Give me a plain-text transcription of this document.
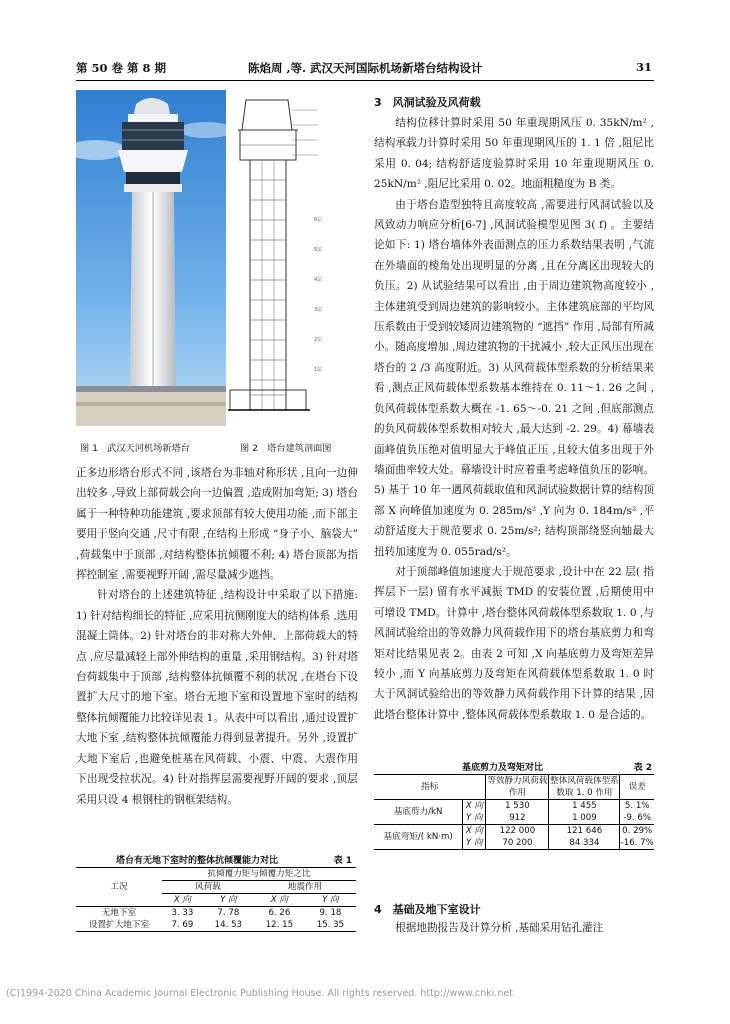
第 50 卷 第 8 期	陈焰周 ,等. 武汉天河国际机场新塔台结构设计	31
图 1　武汉天河机场新塔台
6层
5层
4层
3层
2层
1层
图 2　塔台建筑剖面图

正多边形塔台形式不同 ,该塔台为非轴对称形状 ,且向一边伸出较多 ,导致上部荷载会向一边偏置 ,造成附加弯矩; 3) 塔台属于一种特种功能建筑 ,要求顶部有较大使用功能 ,而下部主要用于竖向交通 ,尺寸有限 ,在结构上形成 “身子小、脑袋大” ,荷载集中于顶部 ,对结构整体抗倾覆不利; 4) 塔台顶部为指挥控制室 ,需要视野开阔 ,需尽量减少遮挡。

针对塔台的上述建筑特征 ,结构设计中采取了以下措施: 1) 针对结构细长的特征 ,应采用抗侧刚度大的结构体系 ,选用混凝土筒体。2) 针对塔台的非对称大外伸、上部荷载大的特点 ,应尽量减轻上部外伸结构的重量 ,采用钢结构。3) 针对塔台荷载集中于顶部 ,结构整体抗倾覆不利的状况 ,在塔台下设置扩大尺寸的地下室。塔台无地下室和设置地下室时的结构整体抗倾覆能力比较详见表 1。从表中可以看出 ,通过设置扩大地下室 ,结构整体抗倾覆能力得到显著提升。另外 ,设置扩大地下室后 ,也避免桩基在风荷载、小震、中震、大震作用下出现受拉状况。4) 针对指挥层需要视野开阔的要求 ,顶层采用只设 4 根钢柱的钢框架结构。

塔台有无地下室时的整体抗倾覆能力对比	表 1
工况	抗倾覆力矩与倾覆力矩之比			
	风荷载		地震作用	
	X 向	Y 向	X 向	Y 向
无地下室	3. 33	7. 78	6. 26	9. 18
设置扩大地下室	7. 69	14. 53	12. 15	15. 35
3　风洞试验及风荷载

结构位移计算时采用 50 年重现期风压 0. 35kN/m² ,结构承载力计算时采用 50 年重现期风压的 1. 1 倍 ,阻尼比采用 0. 04; 结构舒适度验算时采用 10 年重现期风压 0. 25kN/m² ,阻尼比采用 0. 02。地面粗糙度为 B 类。

由于塔台造型独特且高度较高 ,需要进行风洞试验以及风致动力响应分析[6-7] ,风洞试验模型见图 3( f) 。主要结论如下: 1) 塔台墙体外表面测点的压力系数结果表明 ,气流在外墙面的棱角处出现明显的分离 ,且在分离区出现较大的负压。2) 从试验结果可以看出 ,由于周边建筑物高度较小 ,主体建筑受到周边建筑的影响较小。主体建筑底部的平均风压系数由于受到较矮周边建筑物的 “遮挡” 作用 ,局部有所减小。随高度增加 ,周边建筑物的干扰减小 ,较大正风压出现在塔台的 2 /3 高度附近。3) 从风荷载体型系数的分析结果来看 ,测点正风荷载体型系数基本维持在 0. 11～1. 26 之间 ,负风荷载体型系数大概在 -1. 65～-0. 21 之间 ,但底部测点的负风荷载体型系数相对较大 ,最大达到 -2. 29。4) 幕墙表面峰值负压绝对值明显大于峰值正压 ,且较大值多出现于外墙面曲率较大处。幕墙设计时应着重考虑峰值负压的影响。5) 基于 10 年一遇风荷载取值和风洞试验数据计算的结构顶部 X 向峰值加速度为 0. 285m/s² ,Y 向为 0. 184m/s² ,平动舒适度大于规范要求 0. 25m/s²; 结构顶部绕竖向轴最大扭转加速度为 0. 055rad/s²。

对于顶部峰值加速度大于规范要求 ,设计中在 22 层( 指挥层下一层) 留有水平减振 TMD 的安装位置 ,后期使用中可增设 TMD。计算中 ,塔台整体风荷载体型系数取 1. 0 ,与风洞试验给出的等效静力风荷载作用下的塔台基底剪力和弯矩对比结果见表 2。由表 2 可知 ,X 向基底剪力及弯矩差异较小 ,而 Y 向基底剪力及弯矩在风荷载体型系数取 1. 0 时大于风洞试验给出的等效静力风荷载作用下计算的结果 ,因此塔台整体计算中 ,整体风荷载体型系数取 1. 0 是合适的。

基底剪力及弯矩对比	表 2
指标		等效静力风荷载作用	整体风荷载体型系数取 1. 0 作用	误差
基底剪力/kN	X 向	1 530	1 455	5. 1%
	Y 向	912	1 009	-9. 6%
基底弯矩/( kN·m)	X 向	122 000	121 646	0. 29%
	Y 向	70 200	84 334	-16. 7%
4　基础及地下室设计

根据地勘报告及计算分析 ,基础采用钻孔灌注

(C)1994-2020 China Academic Journal Electronic Publishing House. All rights reserved. http://www.cnki.net
